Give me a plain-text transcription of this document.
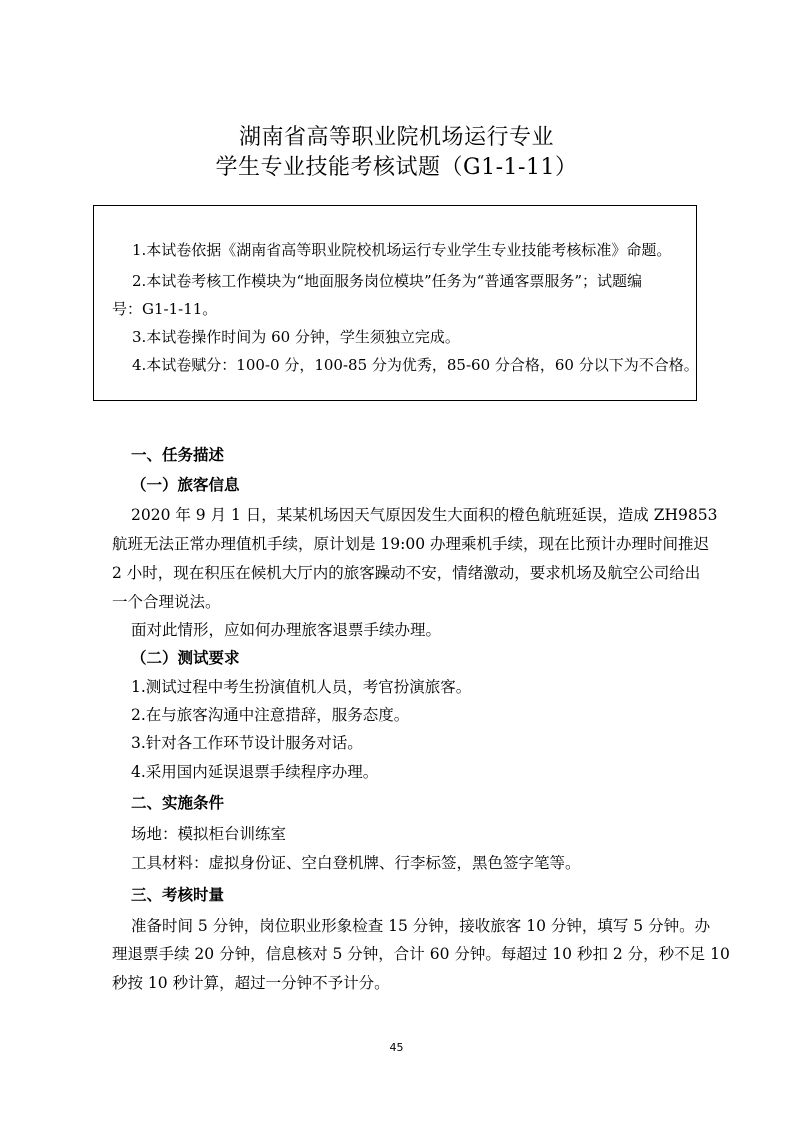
湖南省高等职业院机场运行专业
学生专业技能考核试题（G1-1-11）
1.本试卷依据《湖南省高等职业院校机场运行专业学生专业技能考核标准》命题。
2.本试卷考核工作模块为“地面服务岗位模块”任务为“普通客票服务”；试题编
号：G1-1-11。
3.本试卷操作时间为 60 分钟，学生须独立完成。
4.本试卷赋分：100-0 分，100-85 分为优秀，85-60 分合格，60 分以下为不合格。
一、任务描述
（一）旅客信息
2020 年 9 月 1 日，某某机场因天气原因发生大面积的橙色航班延误，造成 ZH9853
航班无法正常办理值机手续，原计划是 19:00 办理乘机手续，现在比预计办理时间推迟
2 小时，现在积压在候机大厅内的旅客躁动不安，情绪激动，要求机场及航空公司给出
一个合理说法。
面对此情形，应如何办理旅客退票手续办理。
（二）测试要求
1.测试过程中考生扮演值机人员，考官扮演旅客。
2.在与旅客沟通中注意措辞，服务态度。
3.针对各工作环节设计服务对话。
4.采用国内延误退票手续程序办理。
二、实施条件
场地：模拟柜台训练室
工具材料：虚拟身份证、空白登机牌、行李标签，黑色签字笔等。
三、考核时量
准备时间 5 分钟，岗位职业形象检查 15 分钟，接收旅客 10 分钟，填写 5 分钟。办
理退票手续 20 分钟，信息核对 5 分钟，合计 60 分钟。每超过 10 秒扣 2 分，秒不足 10
秒按 10 秒计算，超过一分钟不予计分。
45
